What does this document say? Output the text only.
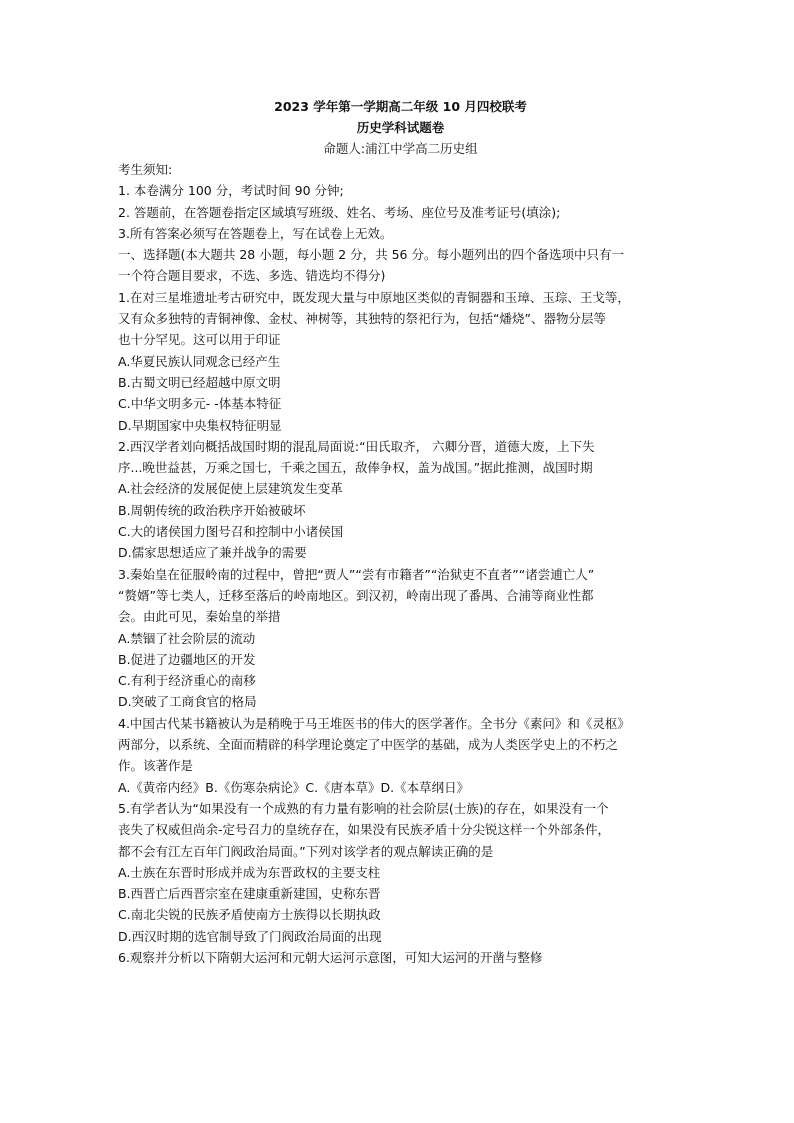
2023 学年第一学期高二年级 10 月四校联考
历史学科试题卷
命题人:浦江中学高二历史组
考生须知:
1. 本卷满分 100 分，考试时间 90 分钟;
2. 答题前，在答题卷指定区域填写班级、姓名、考场、座位号及准考证号(填涂);
3.所有答案必须写在答题卷上，写在试卷上无效。
一、选择题(本大题共 28 小题，每小题 2 分，共 56 分。每小题列出的四个备选项中只有一
一个符合题目要求，不选、多选、错选均不得分)
1.在对三星堆遗址考古研究中，既发现大量与中原地区类似的青铜器和玉璋、玉琮、王戈等，
又有众多独特的青铜神像、金杖、神树等，其独特的祭祀行为，包括“燔烧”、器物分层等
也十分罕见。这可以用于印证
A.华夏民族认同观念已经产生
B.古蜀文明已经超越中原文明
C.中华文明多元- -体基本特征
D.早期国家中央集权特征明显
2.西汉学者刘向概括战国时期的混乱局面说:“田氏取齐， 六卿分晋，道德大废，上下失
序...晚世益甚，万乘之国七，千乘之国五，敌俸争权，盖为战国。”据此推测，战国时期
A.社会经济的发展促使上层建筑发生变革
B.周朝传统的政治秩序开始被破坏
C.大的诸侯国力图号召和控制中小诸侯国
D.儒家思想适应了兼并战争的需要
3.秦始皇在征服岭南的过程中，曾把“贾人”“尝有市籍者”“治狱吏不直者”“诸尝逋亡人”
“赘婿”等七类人，迁移至落后的岭南地区。到汉初，岭南出现了番禺、合浦等商业性都
会。由此可见，秦始皇的举措
A.禁锢了社会阶层的流动
B.促进了边疆地区的开发
C.有利于经济重心的南移
D.突破了工商食官的格局
4.中国古代某书籍被认为是稍晚于马王堆医书的伟大的医学著作。全书分《素问》和《灵枢》
两部分，以系统、全面而精辟的科学理论奠定了中医学的基础，成为人类医学史上的不朽之
作。该著作是
A.《黄帝内经》B.《伤寒杂病论》C.《唐本草》D.《本草纲日》
5.有学者认为“如果没有一个成熟的有力量有影响的社会阶层(士族)的存在，如果没有一个
丧失了权威但尚余-定号召力的皇统存在，如果没有民族矛盾十分尖锐这样一个外部条件，
都不会有江左百年门阀政治局面。”下列对该学者的观点解读正确的是
A.士族在东晋时形成并成为东晋政权的主要支柱
B.西晋亡后西晋宗室在建康重新建国，史称东晋
C.南北尖锐的民族矛盾使南方士族得以长期执政
D.西汉时期的选官制导致了门阀政治局面的出现
6.观察并分析以下隋朝大运河和元朝大运河示意图，可知大运河的开凿与整修
